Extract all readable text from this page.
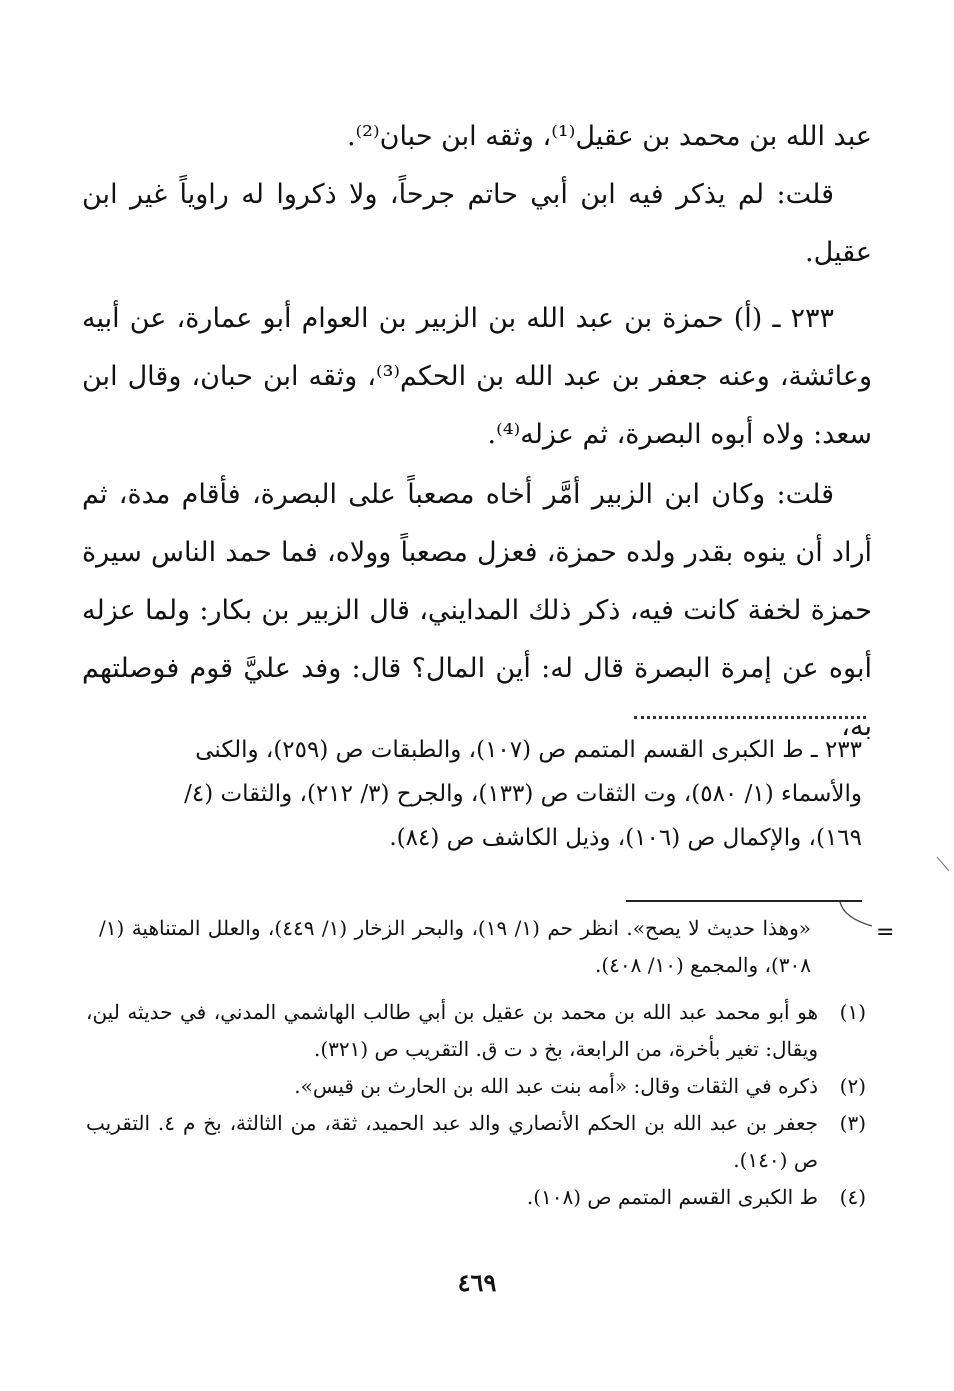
عبد الله بن محمد بن عقيل⁽¹⁾، وثقه ابن حبان⁽²⁾.

قلت: لم يذكر فيه ابن أبي حاتم جرحاً، ولا ذكروا له راوياً غير ابن عقيل.

٢٣٣ ـ (أ) حمزة بن عبد الله بن الزبير بن العوام أبو عمارة، عن أبيه وعائشة، وعنه جعفر بن عبد الله بن الحكم⁽³⁾، وثقه ابن حبان، وقال ابن سعد: ولاه أبوه البصرة، ثم عزله⁽⁴⁾.

قلت: وكان ابن الزبير أمَّر أخاه مصعباً على البصرة، فأقام مدة، ثم أراد أن ينوه بقدر ولده حمزة، فعزل مصعباً وولاه، فما حمد الناس سيرة حمزة لخفة كانت فيه، ذكر ذلك المدايني، قال الزبير بن بكار: ولما عزله أبوه عن إمرة البصرة قال له: أين المال؟ قال: وفد عليَّ قوم فوصلتهم به،

٢٣٣ ـ ط الكبرى القسم المتمم ص (١٠٧)، والطبقات ص (٢٥٩)، والكنى والأسماء (١/ ٥٨٠)، وت الثقات ص (١٣٣)، والجرح (٣/ ٢١٢)، والثقات (٤/ ١٦٩)، والإكمال ص (١٠٦)، وذيل الكاشف ص (٨٤).

=

«وهذا حديث لا يصح». انظر حم (١/ ١٩)، والبحر الزخار (١/ ٤٤٩)، والعلل المتناهية (١/ ٣٠٨)، والمجمع (١٠/ ٤٠٨).

(١)
هو أبو محمد عبد الله بن محمد بن عقيل بن أبي طالب الهاشمي المدني، في حديثه لين، ويقال: تغير بأخرة، من الرابعة، بخ د ت ق. التقريب ص (٣٢١).
(٢)
ذكره في الثقات وقال: «أمه بنت عبد الله بن الحارث بن قيس».
(٣)
جعفر بن عبد الله بن الحكم الأنصاري والد عبد الحميد، ثقة، من الثالثة، بخ م ٤. التقريب ص (١٤٠).
(٤)
ط الكبرى القسم المتمم ص (١٠٨).
٤٦٩
